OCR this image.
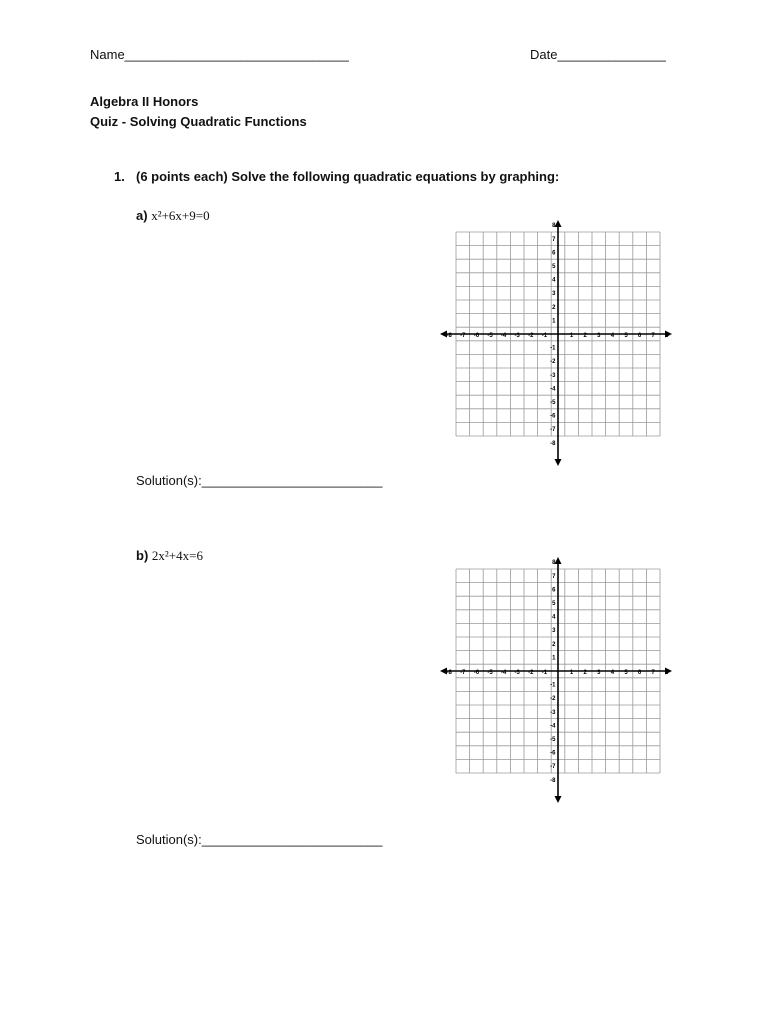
Name_______________________________	Date_______________
Algebra II Honors
Quiz - Solving Quadratic Functions
1. (6 points each) Solve the following quadratic equations by graphing:
a) x²+6x+9=0
-8 -7 -6 -5 -4 -3 -2 -1	1 2 3 4 5 6 7 8
8
7
6
5
4
3
2
1
-1
-2
-3
-4
-5
-6
-7
-8
Solution(s):_________________________
b) 2x²+4x=6
-8 -7 -6 -5 -4 -3 -2 -1	1 2 3 4 5 6 7 8
8
7
6
5
4
3
2
1
-1
-2
-3
-4
-5
-6
-7
-8
Solution(s):_________________________
